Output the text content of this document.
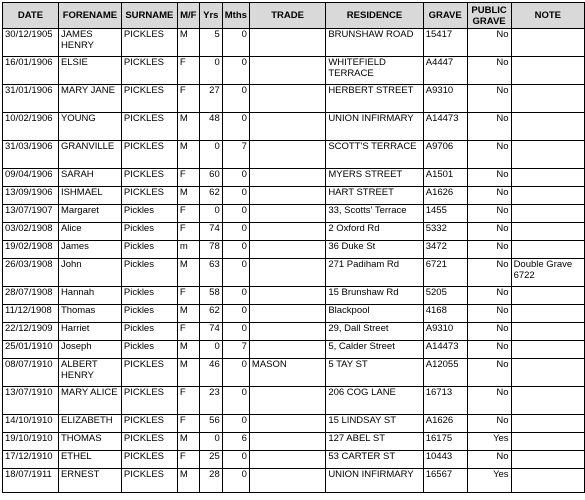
DATE	FORENAME	SURNAME	M/F	Yrs	Mths	TRADE	RESIDENCE	GRAVE	PUBLIC GRAVE	NOTE
30/12/1905	JAMES HENRY	PICKLES	M	5	0		BRUNSHAW ROAD	15417	No	
16/01/1906	ELSIE	PICKLES	F	0	0		WHITEFIELD TERRACE	A4447	No	
31/01/1906	MARY JANE	PICKLES	F	27	0		HERBERT STREET	A9310	No	
10/02/1906	YOUNG	PICKLES	M	48	0		UNION INFIRMARY	A14473	No	
31/03/1906	GRANVILLE	PICKLES	M	0	7		SCOTT'S TERRACE	A9706	No	
09/04/1906	SARAH	PICKLES	F	60	0		MYERS STREET	A1501	No	
13/09/1906	ISHMAEL	PICKLES	M	62	0		HART STREET	A1626	No	
13/07/1907	Margaret	Pickles	F	0	0		33, Scotts' Terrace	1455	No	
03/02/1908	Alice	Pickles	F	74	0		2 Oxford Rd	5332	No	
19/02/1908	James	Pickles	m	78	0		36 Duke St	3472	No	
26/03/1908	John	Pickles	M	63	0		271 Padiham Rd	6721	No	Double Grave 6722
28/07/1908	Hannah	Pickles	F	58	0		15 Brunshaw Rd	5205	No	
11/12/1908	Thomas	Pickles	M	62	0		Blackpool	4168	No	
22/12/1909	Harriet	Pickles	F	74	0		29, Dall Street	A9310	No	
25/01/1910	Joseph	Pickles	M	0	7		5, Calder Street	A14473	No	
08/07/1910	ALBERT HENRY	PICKLES	M	46	0	MASON	5 TAY ST	A12055	No	
13/07/1910	MARY ALICE	PICKLES	F	23	0		206 COG LANE	16713	No	
14/10/1910	ELIZABETH	PICKLES	F	56	0		15 LINDSAY ST	A1626	No	
19/10/1910	THOMAS	PICKLES	M	0	6		127 ABEL ST	16175	Yes	
17/12/1910	ETHEL	PICKLES	F	25	0		53 CARTER ST	10443	No	
18/07/1911	ERNEST	PICKLES	M	28	0		UNION INFIRMARY	16567	Yes	
